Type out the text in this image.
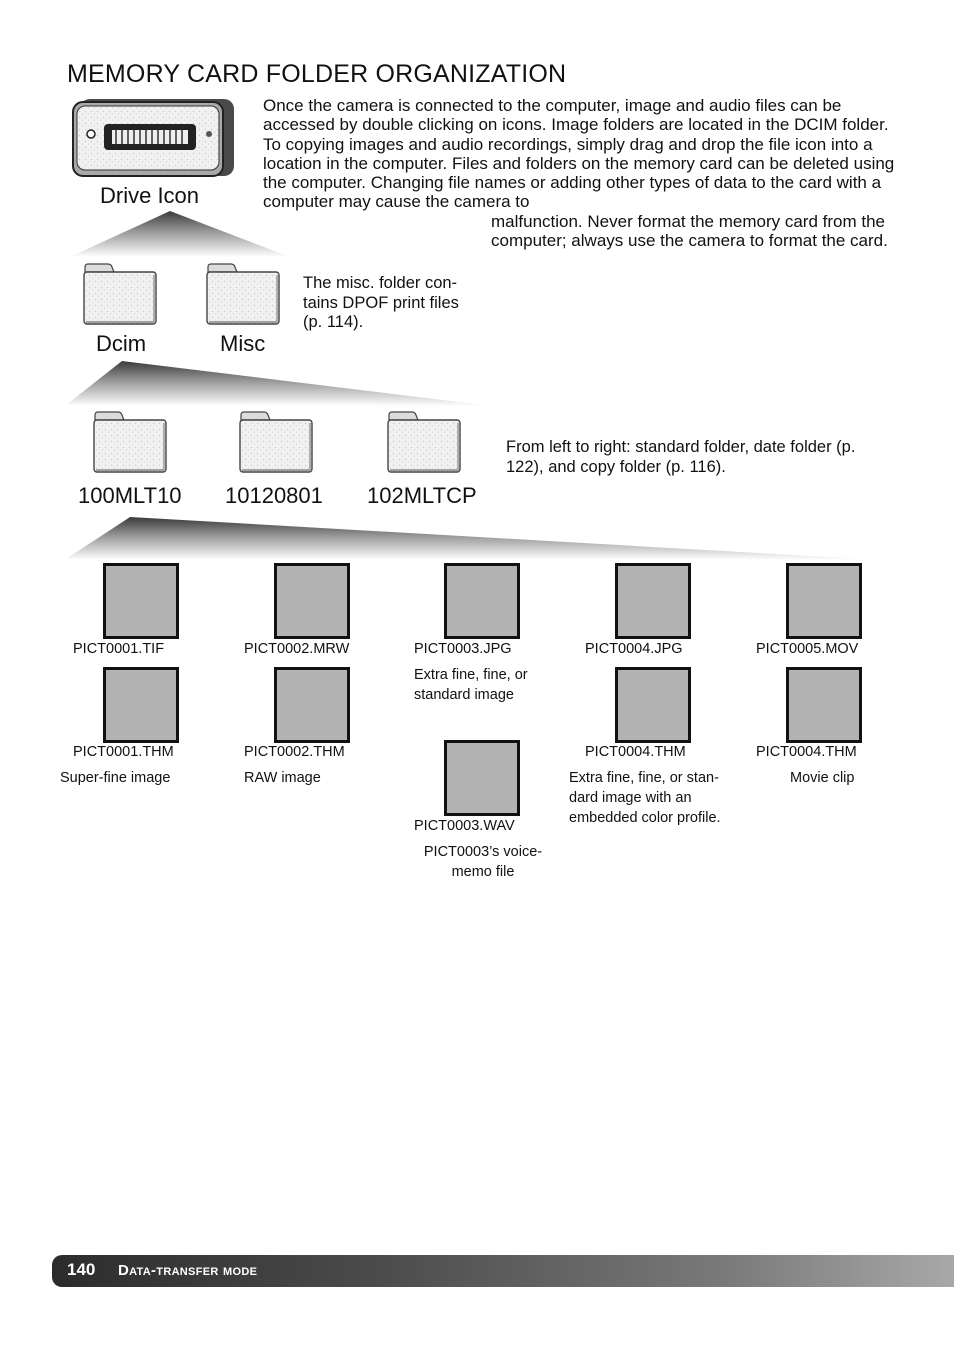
MEMORY CARD FOLDER ORGANIZATION
Drive Icon
Once the camera is connected to the computer, image and audio files can be accessed by double clicking on icons. Image folders are located in the DCIM folder. To copying images and audio recordings, simply drag and drop the file icon into a location in the computer. Files and folders on the memory card can be deleted using the computer. Changing file names or adding other types of data to the card with a computer may cause the camera to
malfunction. Never format the memory card from the computer; always use the camera to format the card.
Dcim	Misc
The misc. folder con-tains DPOF print files (p. 114).
100MLT10 10120801 102MLTCP
From left to right: standard folder, date folder (p. 122), and copy folder (p. 116).
PICT0001.TIF	PICT0002.MRW	PICT0003.JPG	PICT0004.JPG	PICT0005.MOV
Extra fine, fine, or standard image
PICT0001.THM	PICT0002.THM	PICT0004.THM	PICT0004.THM
Super-fine image	RAW image	Extra fine, fine, or stan-dard image with an embedded color profile.
Movie clip
PICT0003.WAV
PICT0003’s voice-memo file
140 Data-transfer mode
